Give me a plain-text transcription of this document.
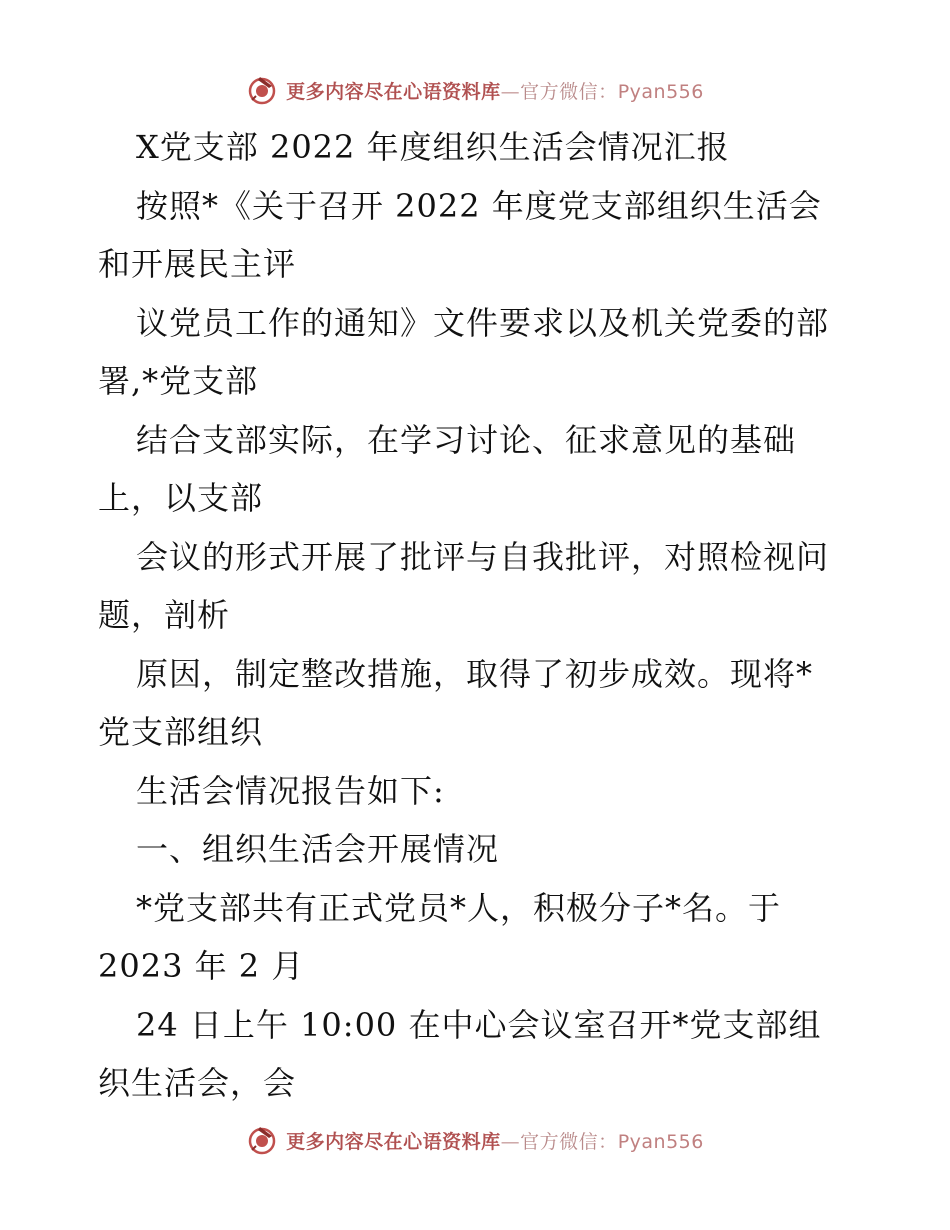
更多内容尽在心语资料库—官方微信：Pyan556
X党支部 2022 年度组织生活会情况汇报
按照*《关于召开 2022 年度党支部组织生活会
和开展民主评
议党员工作的通知》文件要求以及机关党委的部
署,*党支部
结合支部实际，在学习讨论、征求意见的基础
上，以支部
会议的形式开展了批评与自我批评，对照检视问
题，剖析
原因，制定整改措施，取得了初步成效。现将*
党支部组织
生活会情况报告如下:
一、组织生活会开展情况
*党支部共有正式党员*人，积极分子*名。于
2023 年 2 月
24 日上午 10:00 在中心会议室召开*党支部组
织生活会，会
更多内容尽在心语资料库—官方微信：Pyan556
